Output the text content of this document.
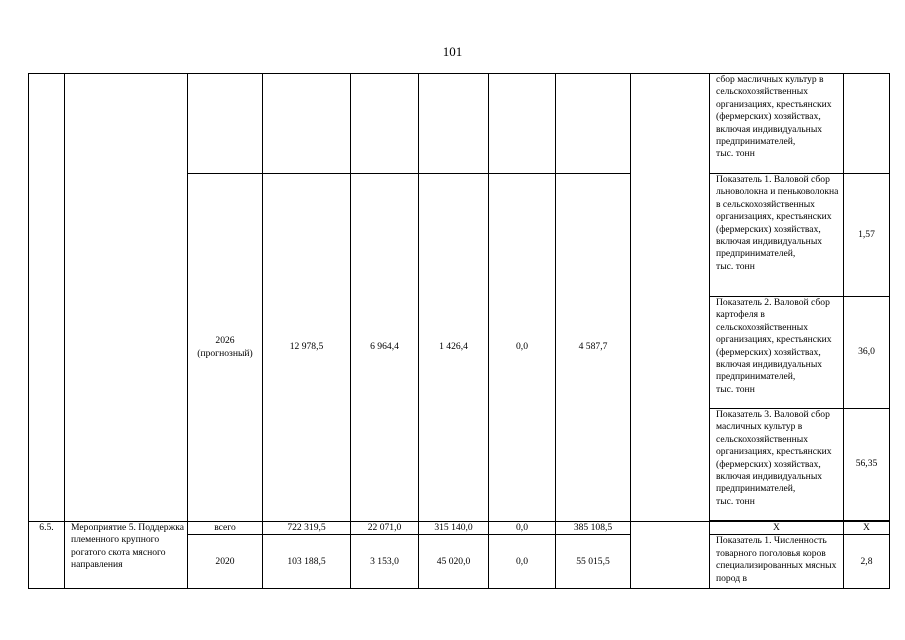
101
									сбор масличных культур в сельскохозяйственных организациях, крестьянских (фермерских) хозяйствах, включая индивидуальных предпринимателей,
тыс. тонн	
		2026 (прогнозный)	12 978,5	6 964,4	1 426,4	0,0	4 587,7		Показатель 1. Валовой сбор льноволокна и пеньковолокна в сельскохозяйственных организациях, крестьянских (фермерских) хозяйствах, включая индивидуальных предпринимателей,
тыс. тонн	1,57
									Показатель 2. Валовой сбор картофеля в сельскохозяйственных организациях, крестьянских (фермерских) хозяйствах, включая индивидуальных предпринимателей,
тыс. тонн	36,0
									Показатель 3. Валовой сбор масличных культур в сельскохозяйственных организациях, крестьянских (фермерских) хозяйствах, включая индивидуальных предпринимателей,
тыс. тонн	56,35

6.5.	Мероприятие 5. Поддержка племенного крупного рогатого скота мясного направления	всего	722 319,5	22 071,0	315 140,0	0,0	385 108,5		Х	Х
		2020	103 188,5	3 153,0	45 020,0	0,0	55 015,5		Показатель 1. Численность товарного поголовья коров специализированных мясных пород в	2,8
